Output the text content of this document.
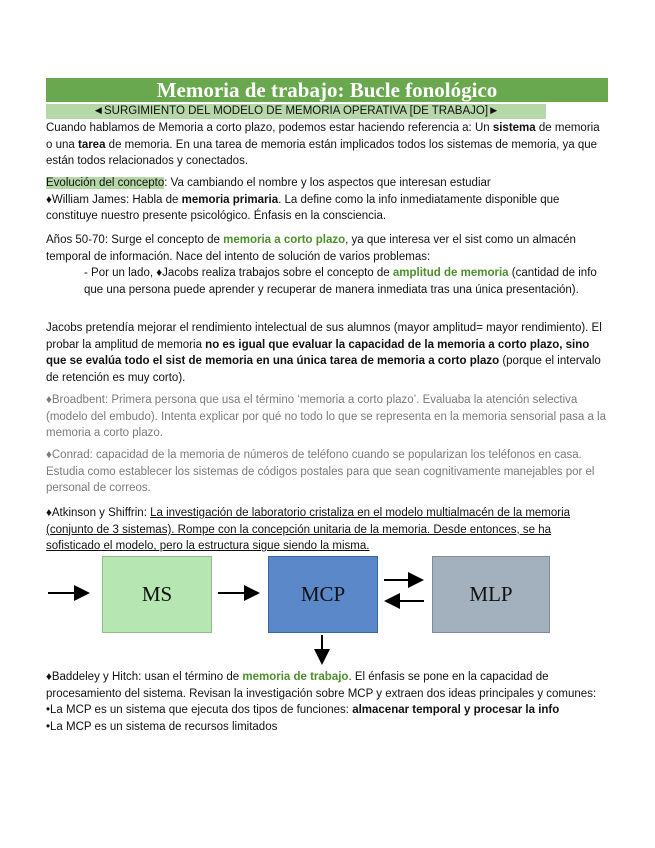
Memoria de trabajo: Bucle fonológico
◄SURGIMIENTO DEL MODELO DE MEMORIA OPERATIVA [DE TRABAJO]►
Cuando hablamos de Memoria a corto plazo, podemos estar haciendo referencia a: Un sistema de memoria o una tarea de memoria. En una tarea de memoria están implicados todos los sistemas de memoria, ya que están todos relacionados y conectados.
Evolución del concepto: Va cambiando el nombre y los aspectos que interesan estudiar
♦William James: Habla de memoria primaria. La define como la info inmediatamente disponible que constituye nuestro presente psicológico. Énfasis en la consciencia.
Años 50-70: Surge el concepto de memoria a corto plazo, ya que interesa ver el sist como un almacén temporal de información. Nace del intento de solución de varios problemas:
- Por un lado, ♦Jacobs realiza trabajos sobre el concepto de amplitud de memoria (cantidad de info que una persona puede aprender y recuperar de manera inmediata tras una única presentación).
Jacobs pretendía mejorar el rendimiento intelectual de sus alumnos (mayor amplitud= mayor rendimiento). El probar la amplitud de memoria no es igual que evaluar la capacidad de la memoria a corto plazo, sino que se evalúa todo el sist de memoria en una única tarea de memoria a corto plazo (porque el intervalo de retención es muy corto).
♦Broadbent: Primera persona que usa el término ‘memoria a corto plazo’. Evaluaba la atención selectiva (modelo del embudo). Intenta explicar por qué no todo lo que se representa en la memoria sensorial pasa a la memoria a corto plazo.
♦Conrad: capacidad de la memoria de números de teléfono cuando se popularizan los teléfonos en casa. Estudia como establecer los sistemas de códigos postales para que sean cognitivamente manejables por el personal de correos.
♦Atkinson y Shiffrin: La investigación de laboratorio cristaliza en el modelo multialmacén de la memoria (conjunto de 3 sistemas). Rompe con la concepción unitaria de la memoria. Desde entonces, se ha sofisticado el modelo, pero la estructura sigue siendo la misma.
♦Baddeley y Hitch: usan el término de memoria de trabajo. El énfasis se pone en la capacidad de procesamiento del sistema. Revisan la investigación sobre MCP y extraen dos ideas principales y comunes:
•La MCP es un sistema que ejecuta dos tipos de funciones: almacenar temporal y procesar la info
•La MCP es un sistema de recursos limitados
MS	MCP	MLP
